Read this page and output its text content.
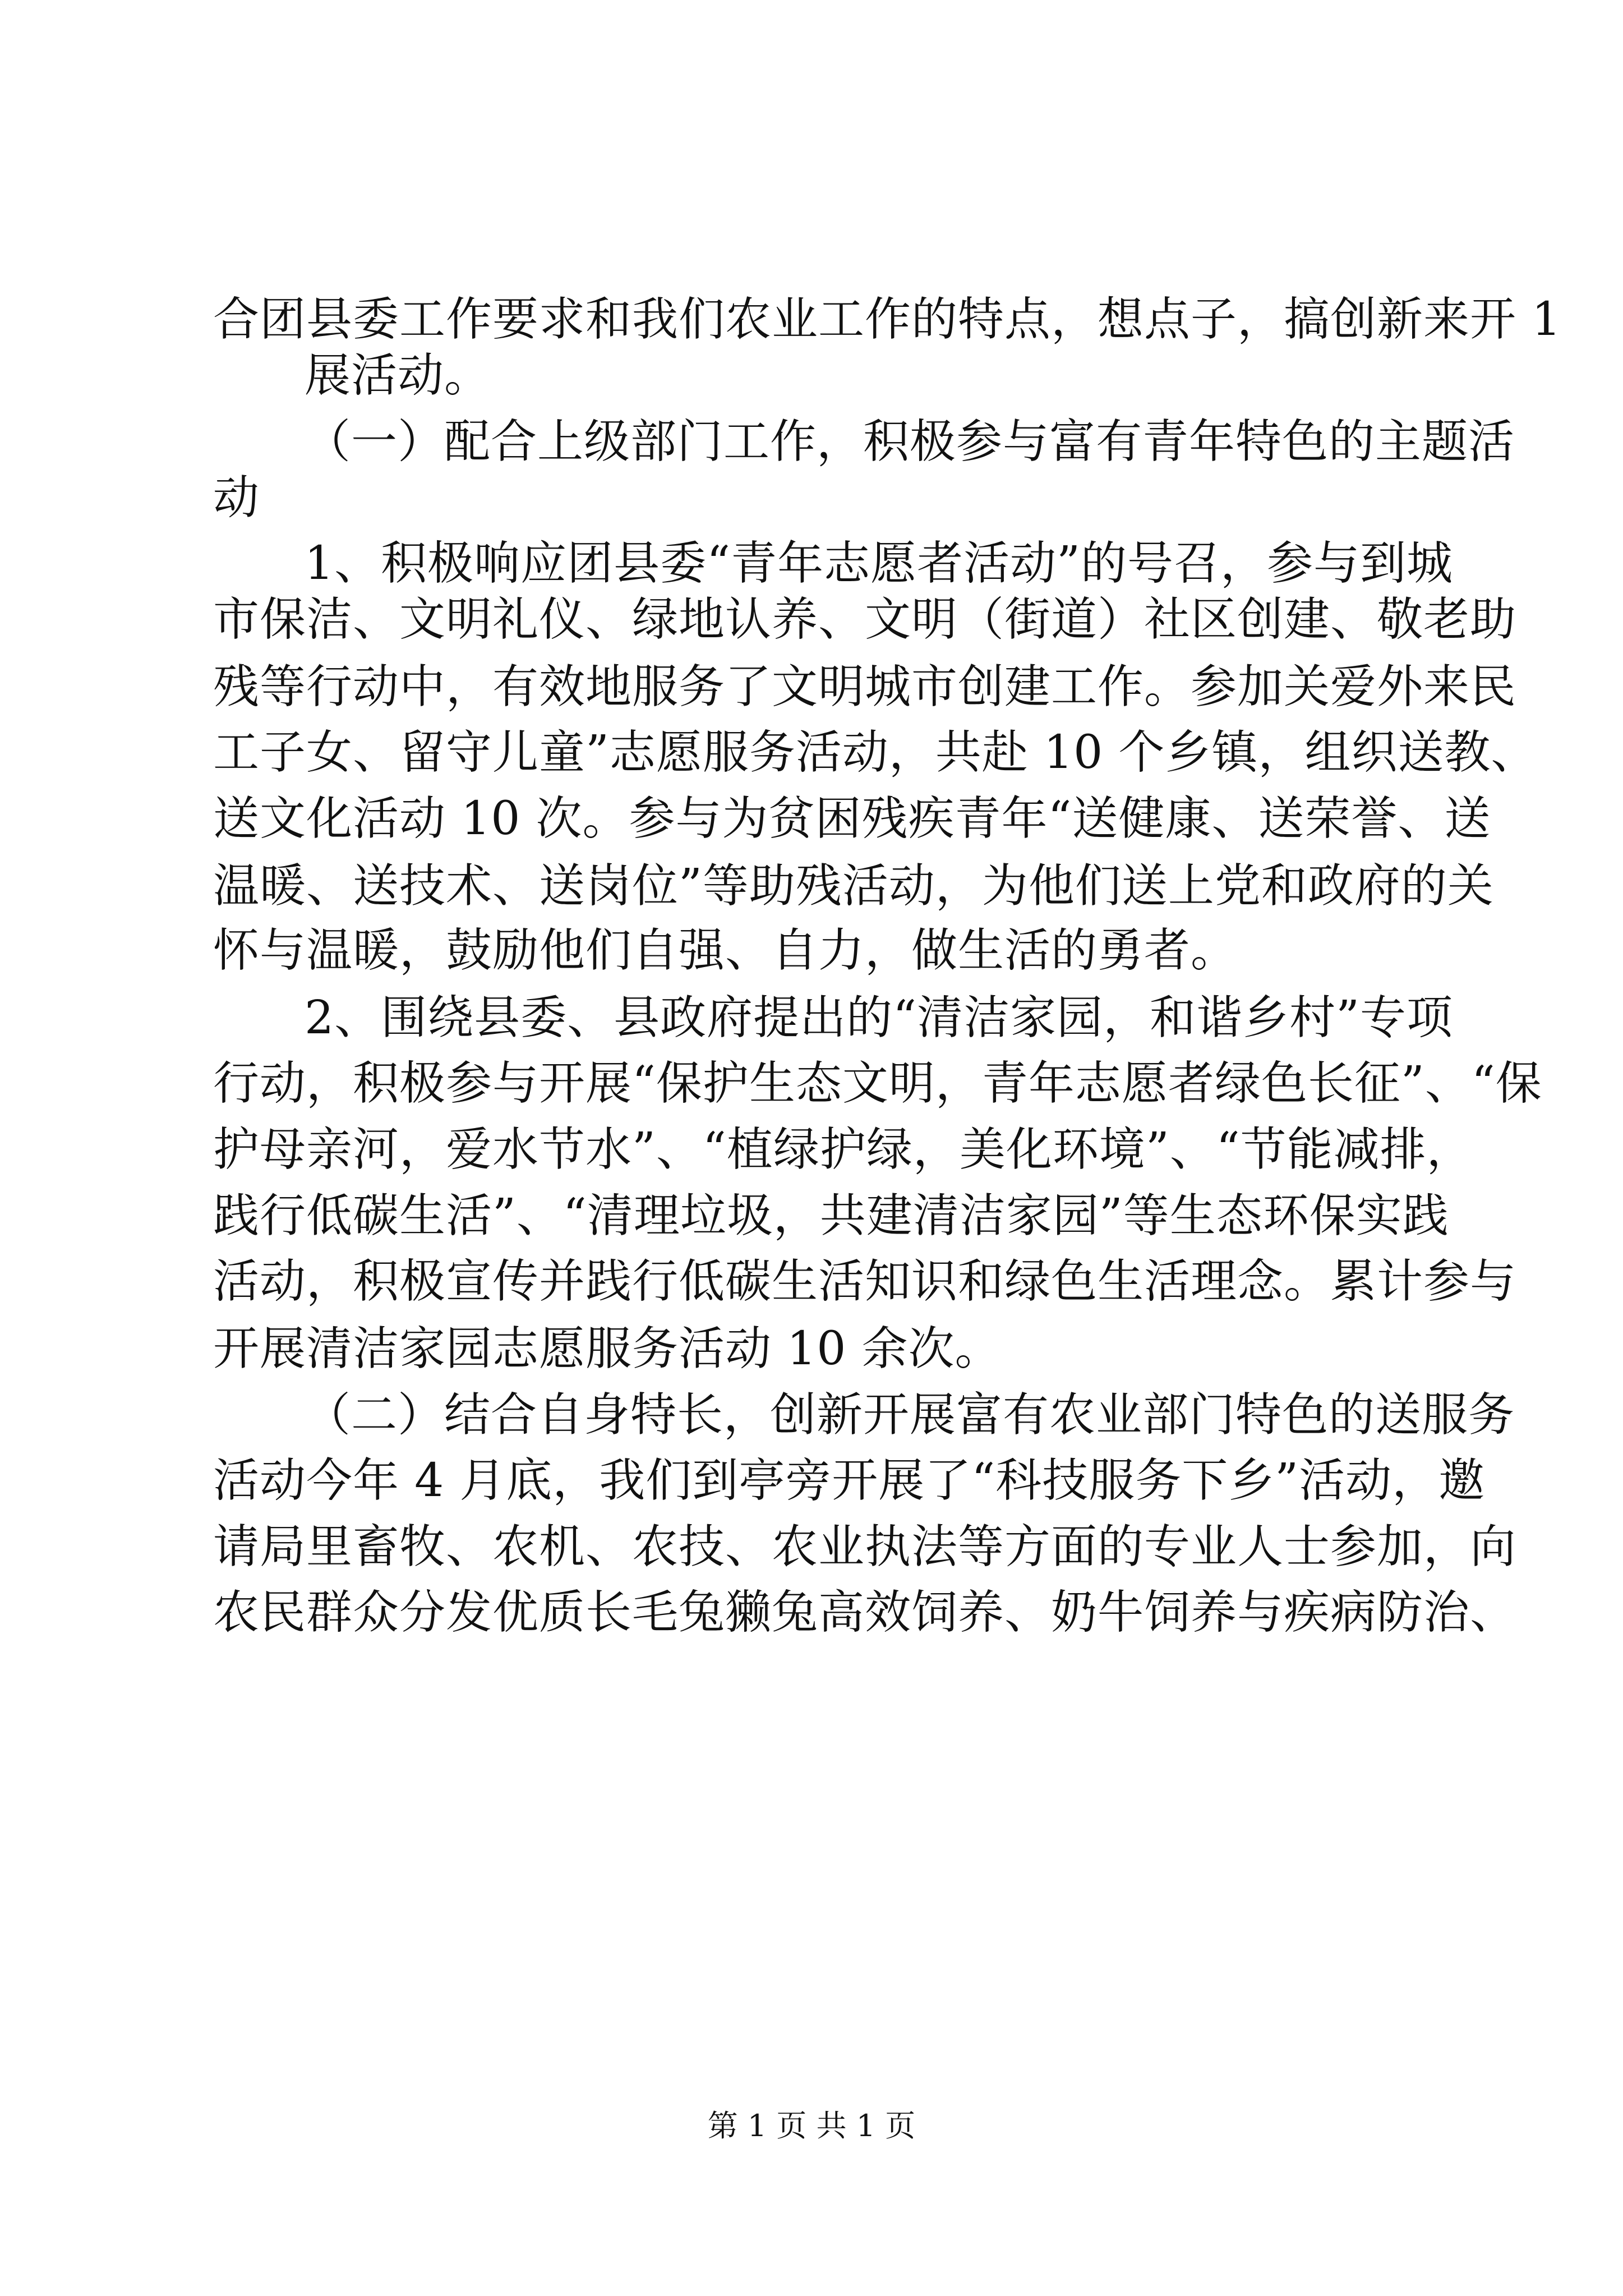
合团县委工作要求和我们农业工作的特点，想点子，搞创新来开 1
展活动。
（一）配合上级部门工作，积极参与富有青年特色的主题活
动
1、积极响应团县委“青年志愿者活动”的号召，参与到城
市保洁、文明礼仪、绿地认养、文明（街道）社区创建、敬老助
残等行动中，有效地服务了文明城市创建工作。参加关爱外来民
工子女、留守儿童”志愿服务活动，共赴 10 个乡镇，组织送教、
送文化活动 10 次。参与为贫困残疾青年“送健康、送荣誉、送
温暖、送技术、送岗位”等助残活动，为他们送上党和政府的关
怀与温暖，鼓励他们自强、自力，做生活的勇者。
2、围绕县委、县政府提出的“清洁家园，和谐乡村”专项
行动，积极参与开展“保护生态文明，青年志愿者绿色长征”、“保
护母亲河，爱水节水”、“植绿护绿，美化环境”、“节能减排，
践行低碳生活”、“清理垃圾，共建清洁家园”等生态环保实践
活动，积极宣传并践行低碳生活知识和绿色生活理念。累计参与
开展清洁家园志愿服务活动 10 余次。
（二）结合自身特长，创新开展富有农业部门特色的送服务
活动今年 4 月底，我们到亭旁开展了“科技服务下乡”活动，邀
请局里畜牧、农机、农技、农业执法等方面的专业人士参加，向
农民群众分发优质长毛兔獭兔高效饲养、奶牛饲养与疾病防治、
第 1 页 共 1 页
